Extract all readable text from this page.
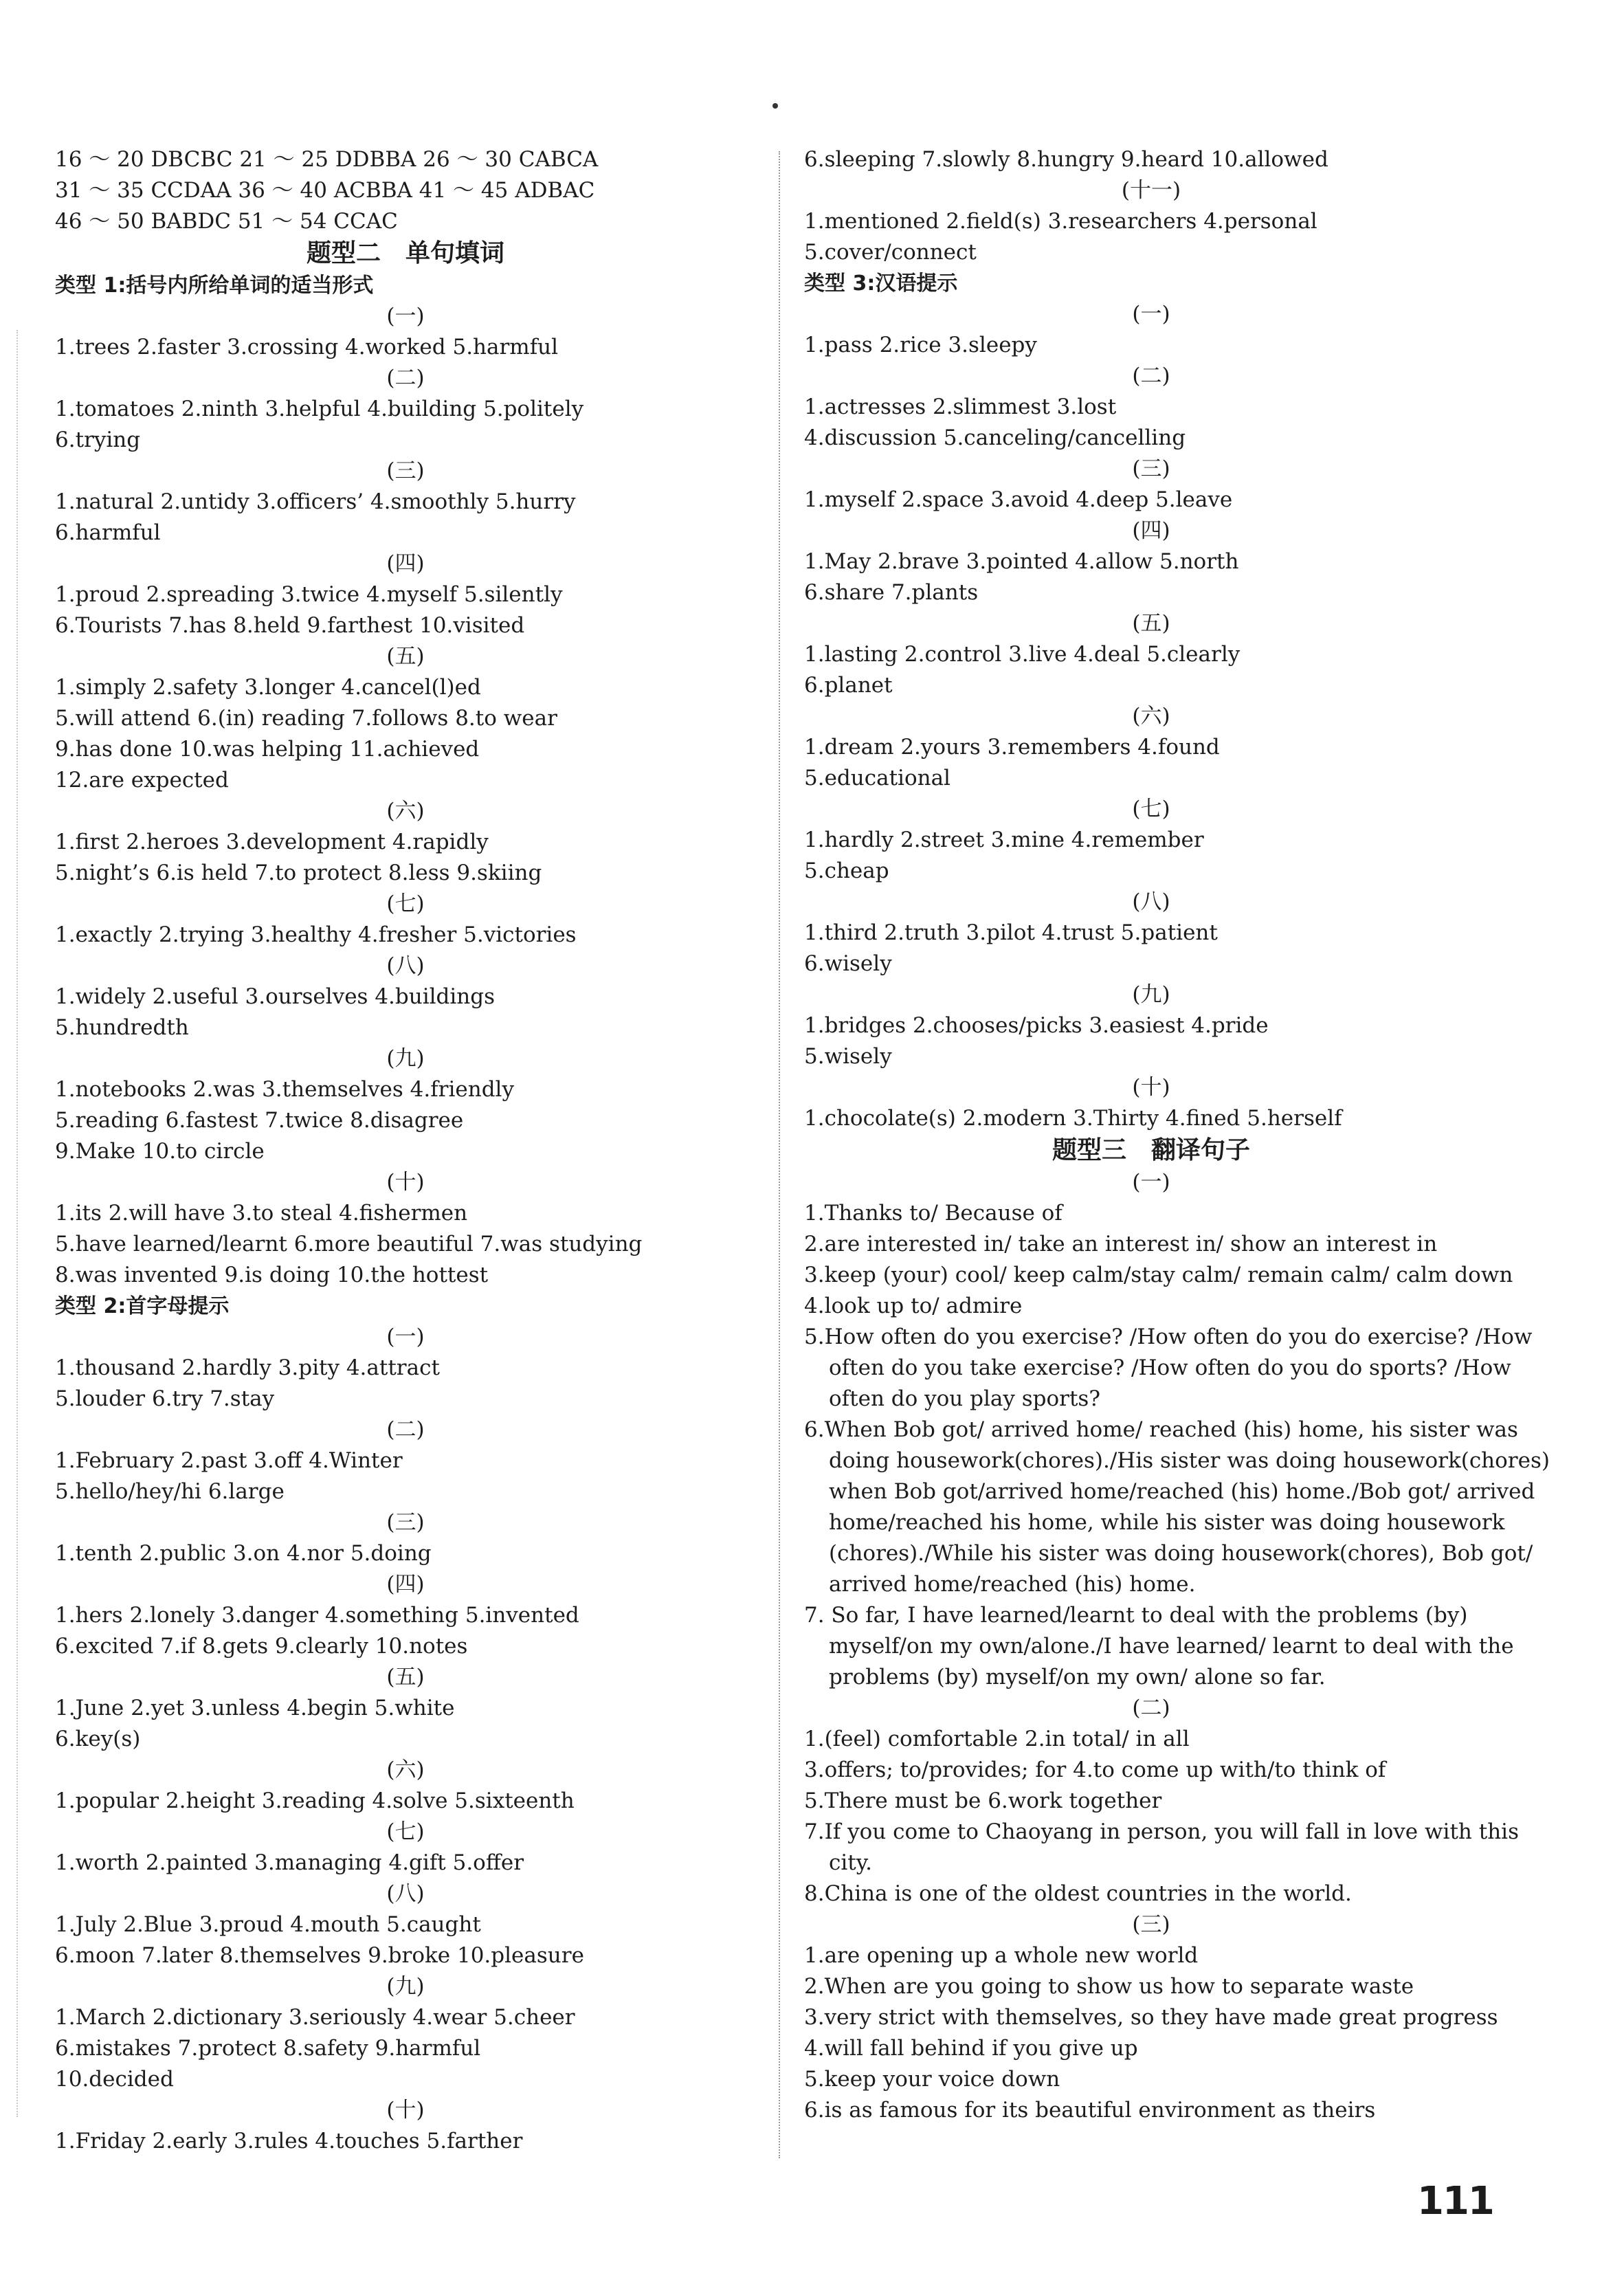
16 ～ 20 DBCBC 21 ～ 25 DDBBA 26 ～ 30 CABCA
31 ～ 35 CCDAA 36 ～ 40 ACBBA 41 ～ 45 ADBAC
46 ～ 50 BABDC 51 ～ 54 CCAC
题型二　单句填词
类型 1:括号内所给单词的适当形式
(一)
1.trees 2.faster 3.crossing 4.worked 5.harmful
(二)
1.tomatoes 2.ninth 3.helpful 4.building 5.politely
6.trying
(三)
1.natural 2.untidy 3.officers’ 4.smoothly 5.hurry
6.harmful
(四)
1.proud 2.spreading 3.twice 4.myself 5.silently
6.Tourists 7.has 8.held 9.farthest 10.visited
(五)
1.simply 2.safety 3.longer 4.cancel(l)ed
5.will attend 6.(in) reading 7.follows 8.to wear
9.has done 10.was helping 11.achieved
12.are expected
(六)
1.first 2.heroes 3.development 4.rapidly
5.night’s 6.is held 7.to protect 8.less 9.skiing
(七)
1.exactly 2.trying 3.healthy 4.fresher 5.victories
(八)
1.widely 2.useful 3.ourselves 4.buildings
5.hundredth
(九)
1.notebooks 2.was 3.themselves 4.friendly
5.reading 6.fastest 7.twice 8.disagree
9.Make 10.to circle
(十)
1.its 2.will have 3.to steal 4.fishermen
5.have learned/learnt 6.more beautiful 7.was studying
8.was invented 9.is doing 10.the hottest
类型 2:首字母提示
(一)
1.thousand 2.hardly 3.pity 4.attract
5.louder 6.try 7.stay
(二)
1.February 2.past 3.off 4.Winter
5.hello/hey/hi 6.large
(三)
1.tenth 2.public 3.on 4.nor 5.doing
(四)
1.hers 2.lonely 3.danger 4.something 5.invented
6.excited 7.if 8.gets 9.clearly 10.notes
(五)
1.June 2.yet 3.unless 4.begin 5.white
6.key(s)
(六)
1.popular 2.height 3.reading 4.solve 5.sixteenth
(七)
1.worth 2.painted 3.managing 4.gift 5.offer
(八)
1.July 2.Blue 3.proud 4.mouth 5.caught
6.moon 7.later 8.themselves 9.broke 10.pleasure
(九)
1.March 2.dictionary 3.seriously 4.wear 5.cheer
6.mistakes 7.protect 8.safety 9.harmful
10.decided
(十)
1.Friday 2.early 3.rules 4.touches 5.farther
6.sleeping 7.slowly 8.hungry 9.heard 10.allowed
(十一)
1.mentioned 2.field(s) 3.researchers 4.personal
5.cover/connect
类型 3:汉语提示
(一)
1.pass 2.rice 3.sleepy
(二)
1.actresses 2.slimmest 3.lost
4.discussion 5.canceling/cancelling
(三)
1.myself 2.space 3.avoid 4.deep 5.leave
(四)
1.May 2.brave 3.pointed 4.allow 5.north
6.share 7.plants
(五)
1.lasting 2.control 3.live 4.deal 5.clearly
6.planet
(六)
1.dream 2.yours 3.remembers 4.found
5.educational
(七)
1.hardly 2.street 3.mine 4.remember
5.cheap
(八)
1.third 2.truth 3.pilot 4.trust 5.patient
6.wisely
(九)
1.bridges 2.chooses/picks 3.easiest 4.pride
5.wisely
(十)
1.chocolate(s) 2.modern 3.Thirty 4.fined 5.herself
题型三　翻译句子
(一)
1.Thanks to/ Because of
2.are interested in/ take an interest in/ show an interest in
3.keep (your) cool/ keep calm/stay calm/ remain calm/ calm down
4.look up to/ admire
5.How often do you exercise? /How often do you do exercise? /How
often do you take exercise? /How often do you do sports? /How
often do you play sports?
6.When Bob got/ arrived home/ reached (his) home, his sister was
doing housework(chores)./His sister was doing housework(chores)
when Bob got/arrived home/reached (his) home./Bob got/ arrived
home/reached his home, while his sister was doing housework
(chores)./While his sister was doing housework(chores), Bob got/
arrived home/reached (his) home.
7. So far, I have learned/learnt to deal with the problems (by)
myself/on my own/alone./I have learned/ learnt to deal with the
problems (by) myself/on my own/ alone so far.
(二)
1.(feel) comfortable 2.in total/ in all
3.offers; to/provides; for 4.to come up with/to think of
5.There must be 6.work together
7.If you come to Chaoyang in person, you will fall in love with this
city.
8.China is one of the oldest countries in the world.
(三)
1.are opening up a whole new world
2.When are you going to show us how to separate waste
3.very strict with themselves, so they have made great progress
4.will fall behind if you give up
5.keep your voice down
6.is as famous for its beautiful environment as theirs
111
